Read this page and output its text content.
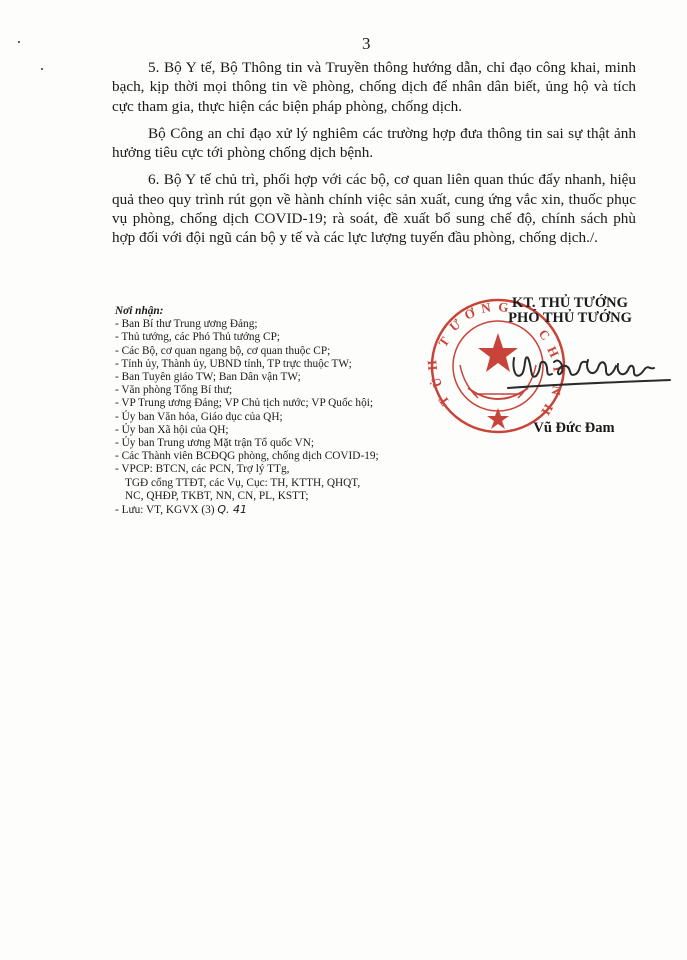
3

5. Bộ Y tế, Bộ Thông tin và Truyền thông hướng dẫn, chỉ đạo công khai, minh bạch, kịp thời mọi thông tin về phòng, chống dịch để nhân dân biết, ủng hộ và tích cực tham gia, thực hiện các biện pháp phòng, chống dịch.

Bộ Công an chỉ đạo xử lý nghiêm các trường hợp đưa thông tin sai sự thật ảnh hưởng tiêu cực tới phòng chống dịch bệnh.

6. Bộ Y tế chủ trì, phối hợp với các bộ, cơ quan liên quan thúc đẩy nhanh, hiệu quả theo quy trình rút gọn về hành chính việc sản xuất, cung ứng vắc xin, thuốc phục vụ phòng, chống dịch COVID-19; rà soát, đề xuất bổ sung chế độ, chính sách phù hợp đối với đội ngũ cán bộ y tế và các lực lượng tuyến đầu phòng, chống dịch./.

Nơi nhận:
- Ban Bí thư Trung ương Đảng;
- Thủ tướng, các Phó Thủ tướng CP;
- Các Bộ, cơ quan ngang bộ, cơ quan thuộc CP;
- Tỉnh ủy, Thành ủy, UBND tỉnh, TP trực thuộc TW;
- Ban Tuyên giáo TW; Ban Dân vận TW;
- Văn phòng Tổng Bí thư;
- VP Trung ương Đảng; VP Chủ tịch nước; VP Quốc hội;
- Ủy ban Văn hóa, Giáo dục của QH;
- Ủy ban Xã hội của QH;
- Ủy ban Trung ương Mặt trận Tổ quốc VN;
- Các Thành viên BCĐQG phòng, chống dịch COVID-19;
- VPCP: BTCN, các PCN, Trợ lý TTg,
TGĐ cổng TTĐT, các Vụ, Cục: TH, KTTH, QHQT,
NC, QHĐP, TKBT, NN, CN, PL, KSTT;
- Lưu: VT, KGVX (3) Q. 41
T
Ư
Ớ N G
C
H
Í
N
H
Ủ
H
T
KT. THỦ TƯỚNG
PHÓ THỦ TƯỚNG
Vũ Đức Đam
